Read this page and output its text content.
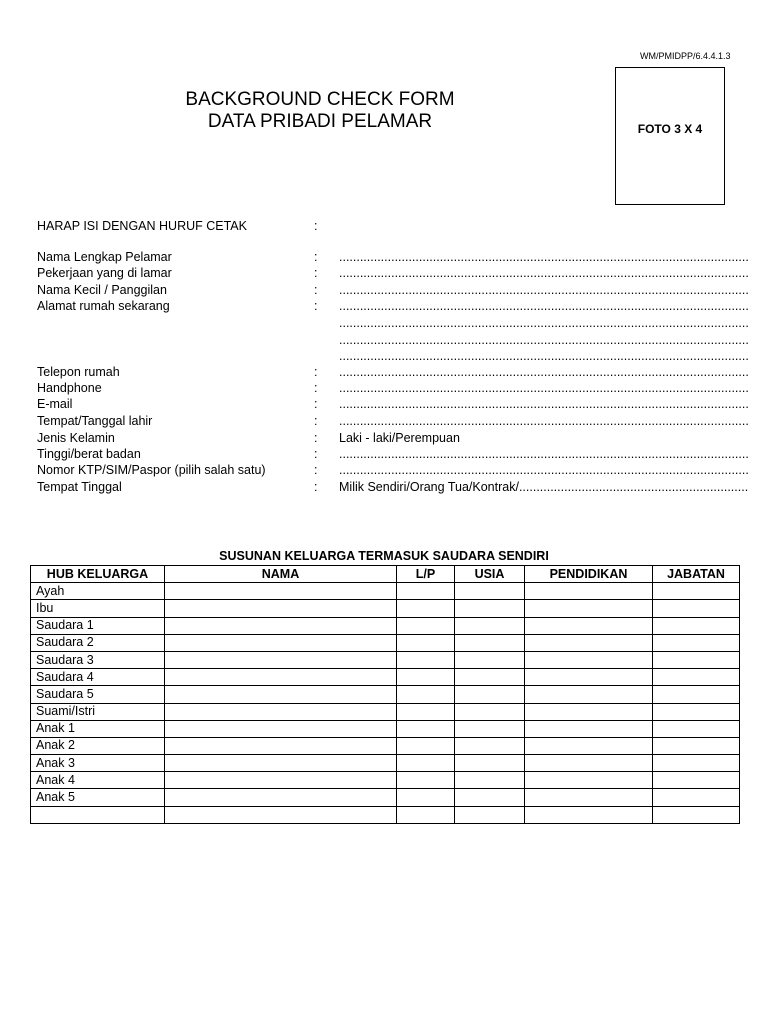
WM/PMIDPP/6.4.4.1.3
BACKGROUND CHECK FORM
DATA PRIBADI PELAMAR	FOTO 3 X 4
HARAP ISI DENGAN HURUF CETAK	:
Nama Lengkap Pelamar	:
.....
Pekerjaan yang di lamar	:
.....
Nama Kecil / Panggilan	:
.....
Alamat rumah sekarang	:
.....
.....
.....
.....
Telepon rumah	:
.....
Handphone	:
.....
E-mail	:
.....
Tempat/Tanggal lahir	:
.....
Jenis Kelamin	: Laki - laki/Perempuan
Tinggi/berat badan	:
.....
Nomor KTP/SIM/Paspor (pilih salah satu)	:
.....
Tempat Tinggal	: Milik Sendiri/Orang Tua/Kontrak/ .....
SUSUNAN KELUARGA TERMASUK SAUDARA SENDIRI
HUB KELUARGA	NAMA	L/P	USIA	PENDIDIKAN	JABATAN
Ayah					
Ibu					
Saudara 1					
Saudara 2					
Saudara 3					
Saudara 4					
Saudara 5					
Suami/Istri					
Anak 1					
Anak 2					
Anak 3					
Anak 4					
Anak 5					
